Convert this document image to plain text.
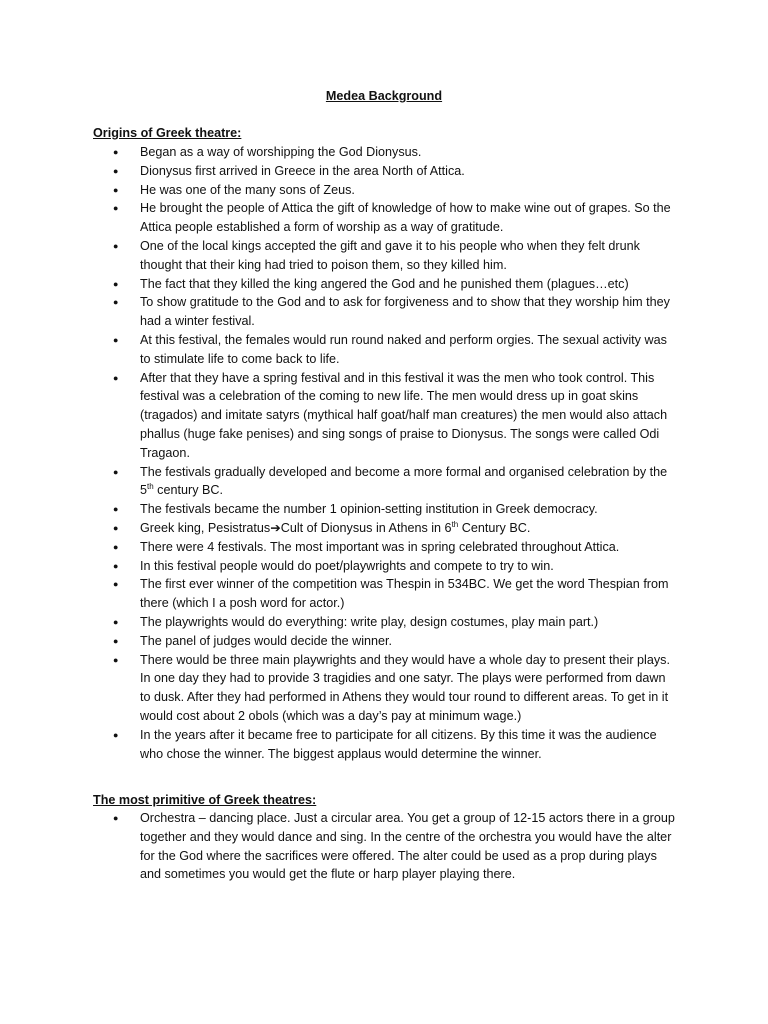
Medea Background

Origins of Greek theatre:

● Began as a way of worshipping the God Dionysus.
● Dionysus first arrived in Greece in the area North of Attica.
● He was one of the many sons of Zeus.
● He brought the people of Attica the gift of knowledge of how to make wine out of grapes. So the Attica people established a form of worship as a way of gratitude.
● One of the local kings accepted the gift and gave it to his people who when they felt drunk thought that their king had tried to poison them, so they killed him.
● The fact that they killed the king angered the God and he punished them (plagues…etc)
● To show gratitude to the God and to ask for forgiveness and to show that they worship him they had a winter festival.
● At this festival, the females would run round naked and perform orgies. The sexual activity was to stimulate life to come back to life.
● After that they have a spring festival and in this festival it was the men who took control. This festival was a celebration of the coming to new life. The men would dress up in goat skins (tragados) and imitate satyrs (mythical half goat/half man creatures) the men would also attach phallus (huge fake penises) and sing songs of praise to Dionysus. The songs were called Odi Tragaon.
● The festivals gradually developed and become a more formal and organised celebration by the 5th century BC.
● The festivals became the number 1 opinion-setting institution in Greek democracy.
● Greek king, Pesistratus➔Cult of Dionysus in Athens in 6th Century BC.
● There were 4 festivals. The most important was in spring celebrated throughout Attica.
● In this festival people would do poet/playwrights and compete to try to win.
● The first ever winner of the competition was Thespin in 534BC. We get the word Thespian from there (which I a posh word for actor.)
● The playwrights would do everything: write play, design costumes, play main part.)
● The panel of judges would decide the winner.
● There would be three main playwrights and they would have a whole day to present their plays. In one day they had to provide 3 tragidies and one satyr. The plays were performed from dawn to dusk. After they had performed in Athens they would tour round to different areas. To get in it would cost about 2 obols (which was a day’s pay at minimum wage.)
● In the years after it became free to participate for all citizens. By this time it was the audience who chose the winner. The biggest applaus would determine the winner.

The most primitive of Greek theatres:

● Orchestra – dancing place. Just a circular area. You get a group of 12-15 actors there in a group together and they would dance and sing. In the centre of the orchestra you would have the alter for the God where the sacrifices were offered. The alter could be used as a prop during plays and sometimes you would get the flute or harp player playing there.
